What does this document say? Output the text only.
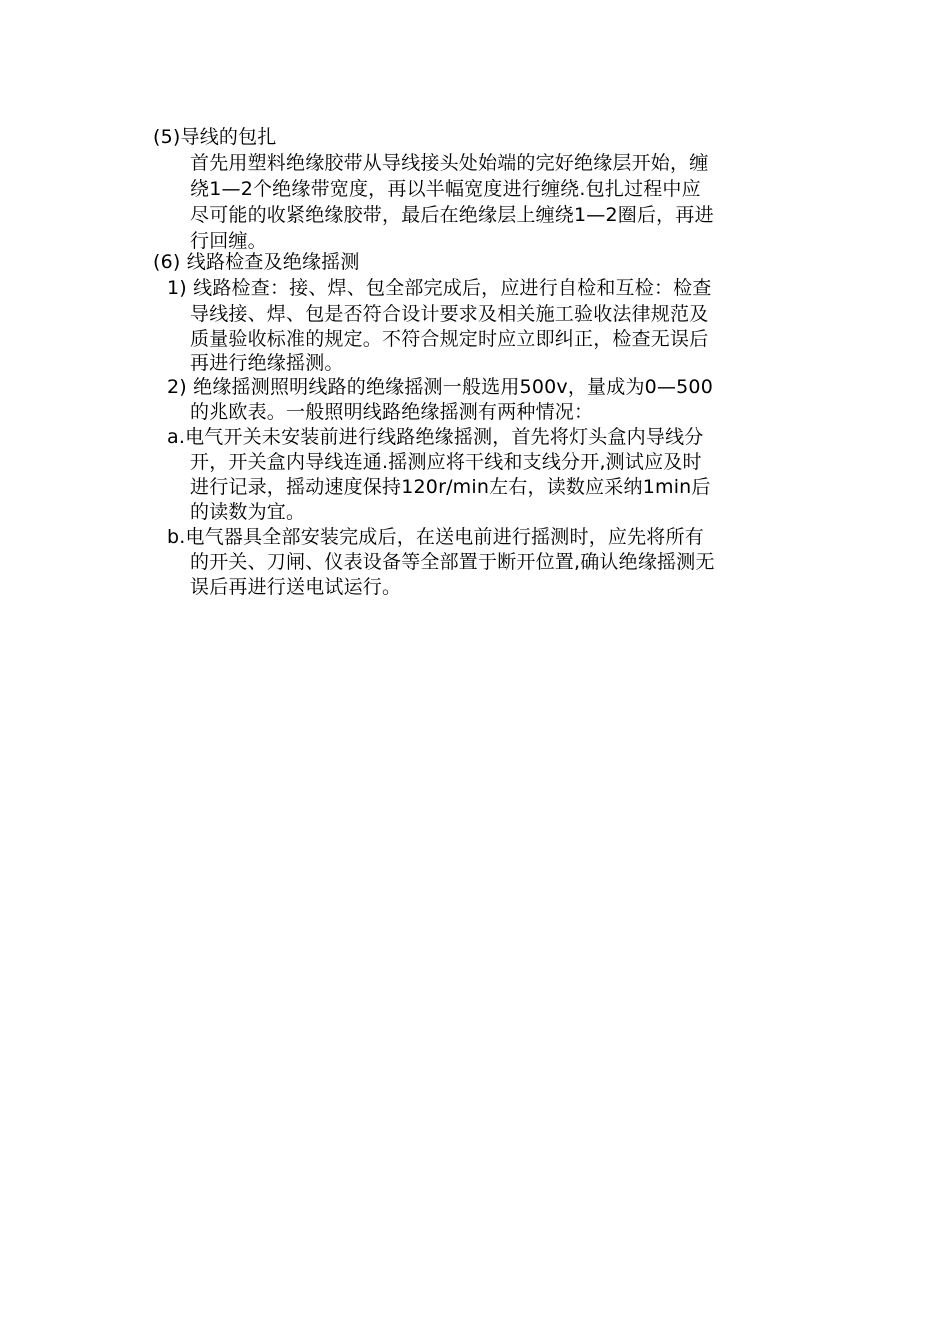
(5)导线的包扎
首先用塑料绝缘胶带从导线接头处始端的完好绝缘层开始，缠
绕1—2个绝缘带宽度，再以半幅宽度进行缠绕.包扎过程中应
尽可能的收紧绝缘胶带，最后在绝缘层上缠绕1—2圈后，再进
行回缠。
(6) 线路检查及绝缘摇测
1) 线路检查：接、焊、包全部完成后，应进行自检和互检：检查
导线接、焊、包是否符合设计要求及相关施工验收法律规范及
质量验收标准的规定。不符合规定时应立即纠正，检查无误后
再进行绝缘摇测。
2) 绝缘摇测照明线路的绝缘摇测一般选用500v，量成为0—500
的兆欧表。一般照明线路绝缘摇测有两种情况：
a.电气开关未安装前进行线路绝缘摇测，首先将灯头盒内导线分
开，开关盒内导线连通.摇测应将干线和支线分开,测试应及时
进行记录，摇动速度保持120r/min左右，读数应采纳1min后
的读数为宜。
b.电气器具全部安装完成后，在送电前进行摇测时，应先将所有
的开关、刀闸、仪表设备等全部置于断开位置,确认绝缘摇测无
误后再进行送电试运行。
